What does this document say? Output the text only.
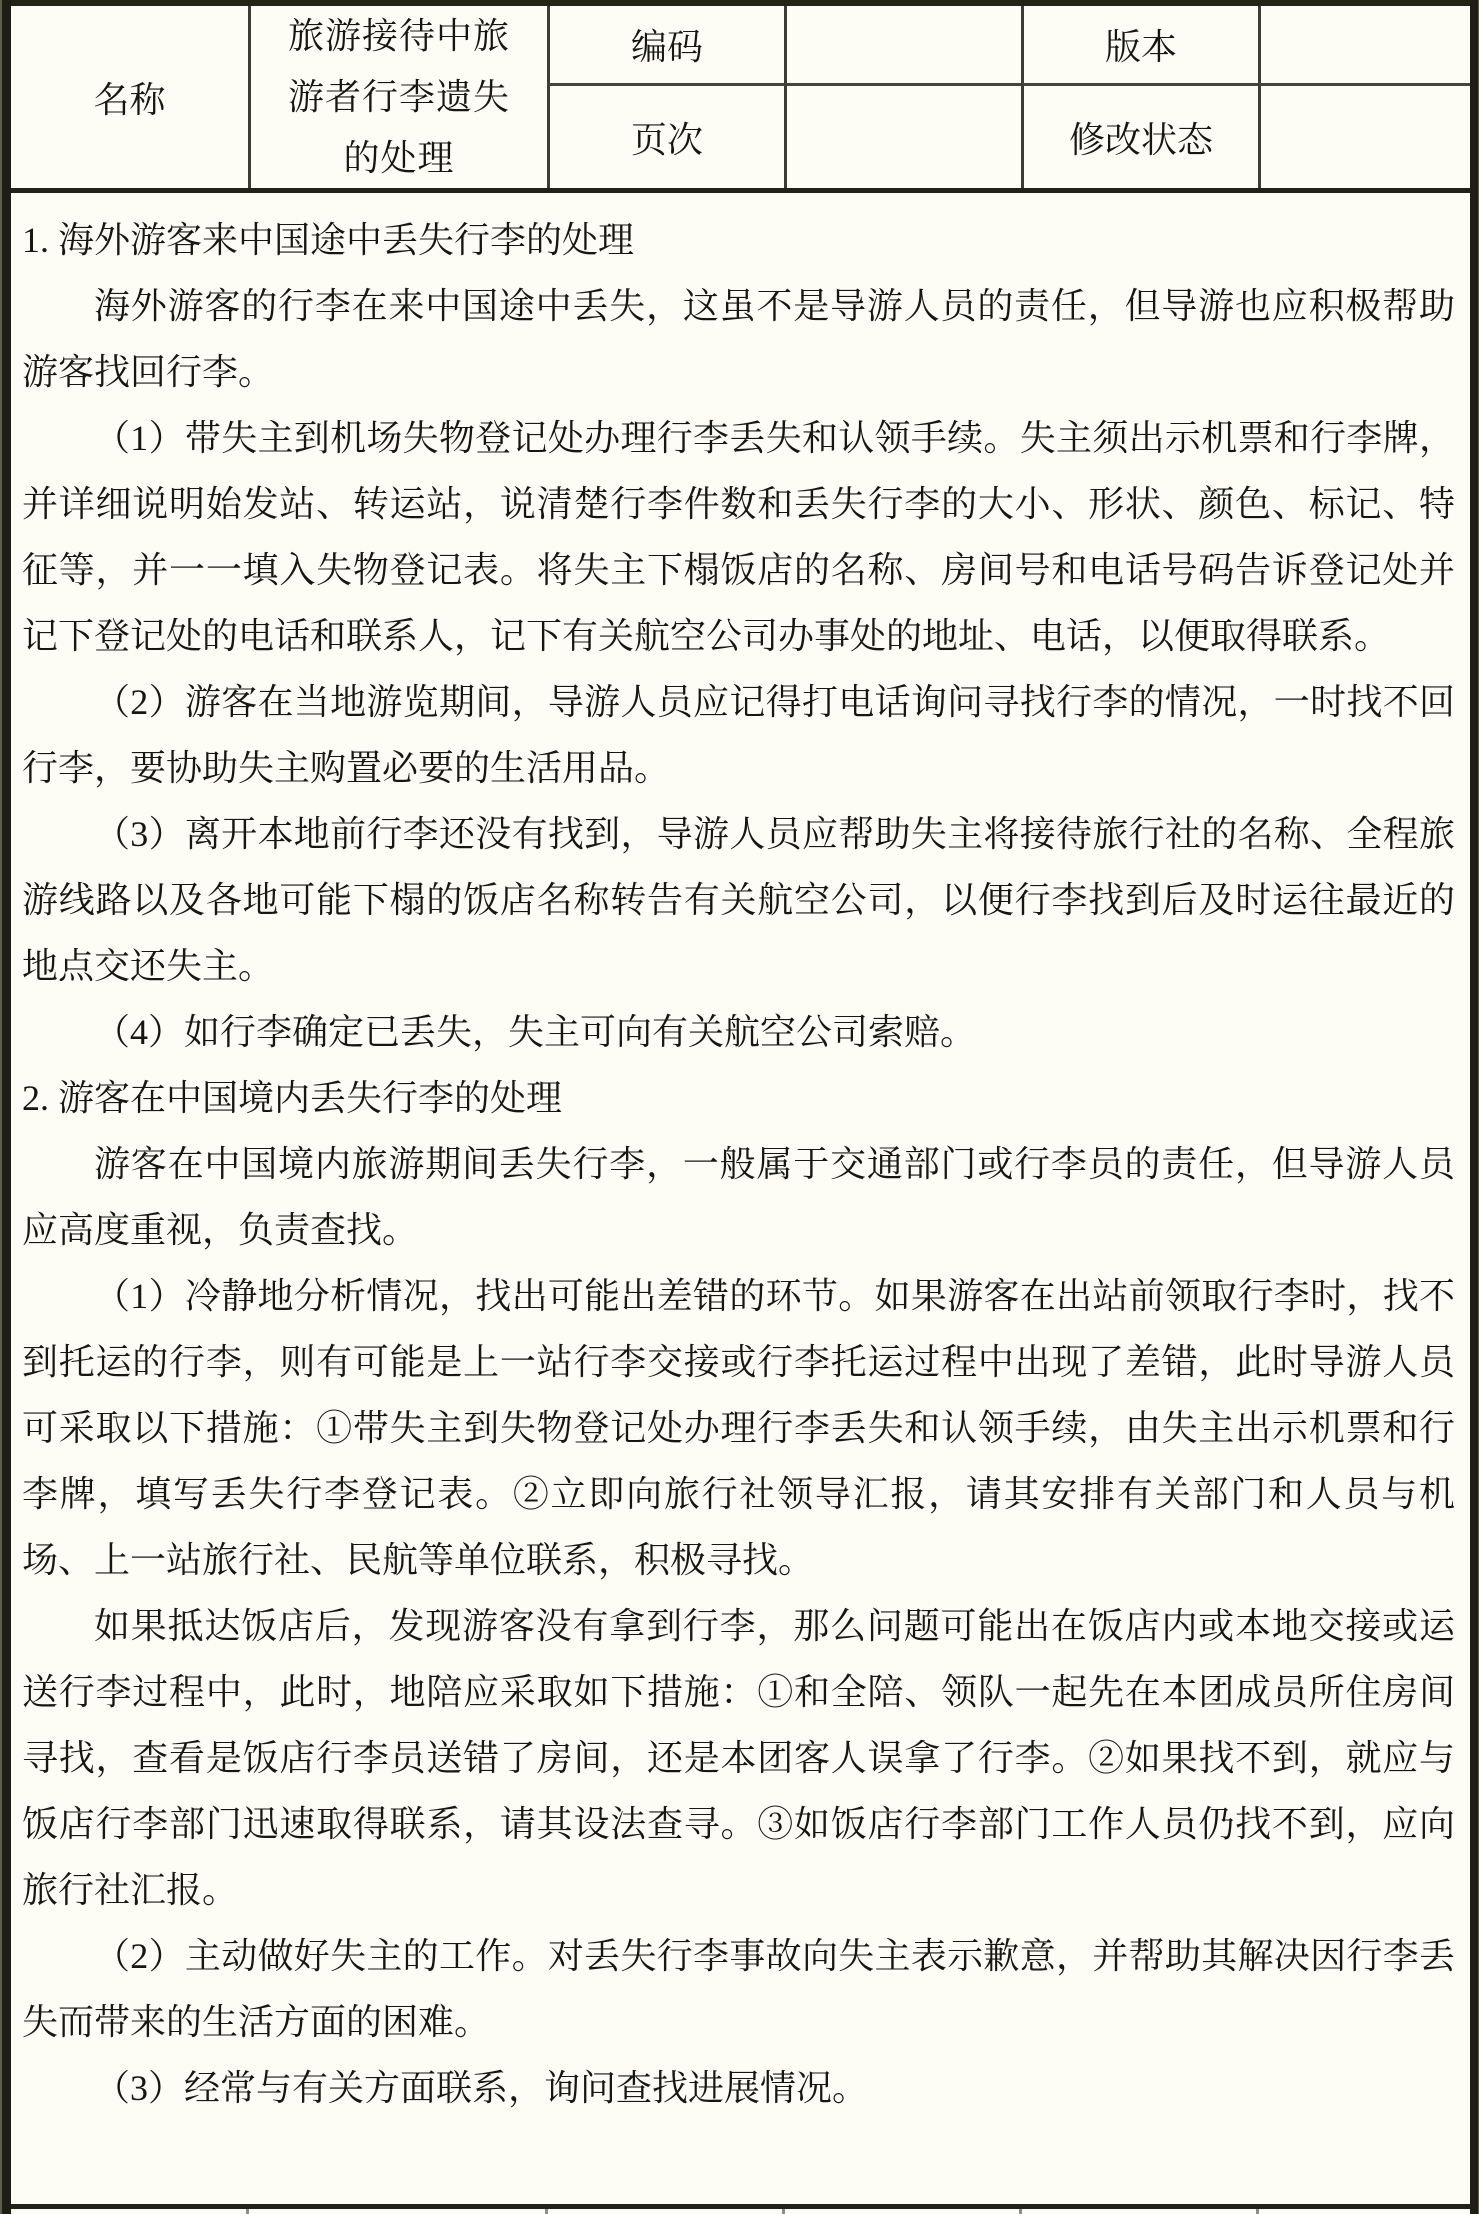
名称
旅游接待中旅游者行李遗失的处理
编码	版本
页次	修改状态

1. 海外游客来中国途中丢失行李的处理

海外游客的行李在来中国途中丢失，这虽不是导游人员的责任，但导游也应积极帮助游客找回行李。

（1）带失主到机场失物登记处办理行李丢失和认领手续。失主须出示机票和行李牌，并详细说明始发站、转运站，说清楚行李件数和丢失行李的大小、形状、颜色、标记、特征等，并一一填入失物登记表。将失主下榻饭店的名称、房间号和电话号码告诉登记处并记下登记处的电话和联系人，记下有关航空公司办事处的地址、电话，以便取得联系。

（2）游客在当地游览期间，导游人员应记得打电话询问寻找行李的情况，一时找不回行李，要协助失主购置必要的生活用品。

（3）离开本地前行李还没有找到，导游人员应帮助失主将接待旅行社的名称、全程旅游线路以及各地可能下榻的饭店名称转告有关航空公司，以便行李找到后及时运往最近的地点交还失主。

（4）如行李确定已丢失，失主可向有关航空公司索赔。

2. 游客在中国境内丢失行李的处理

游客在中国境内旅游期间丢失行李，一般属于交通部门或行李员的责任，但导游人员应高度重视，负责查找。

（1）冷静地分析情况，找出可能出差错的环节。如果游客在出站前领取行李时，找不到托运的行李，则有可能是上一站行李交接或行李托运过程中出现了差错，此时导游人员可采取以下措施：①带失主到失物登记处办理行李丢失和认领手续，由失主出示机票和行李牌，填写丢失行李登记表。②立即向旅行社领导汇报，请其安排有关部门和人员与机场、上一站旅行社、民航等单位联系，积极寻找。

如果抵达饭店后，发现游客没有拿到行李，那么问题可能出在饭店内或本地交接或运送行李过程中，此时，地陪应采取如下措施：①和全陪、领队一起先在本团成员所住房间寻找，查看是饭店行李员送错了房间，还是本团客人误拿了行李。②如果找不到，就应与饭店行李部门迅速取得联系，请其设法查寻。③如饭店行李部门工作人员仍找不到，应向旅行社汇报。

（2）主动做好失主的工作。对丢失行李事故向失主表示歉意，并帮助其解决因行李丢失而带来的生活方面的困难。

（3）经常与有关方面联系，询问查找进展情况。
